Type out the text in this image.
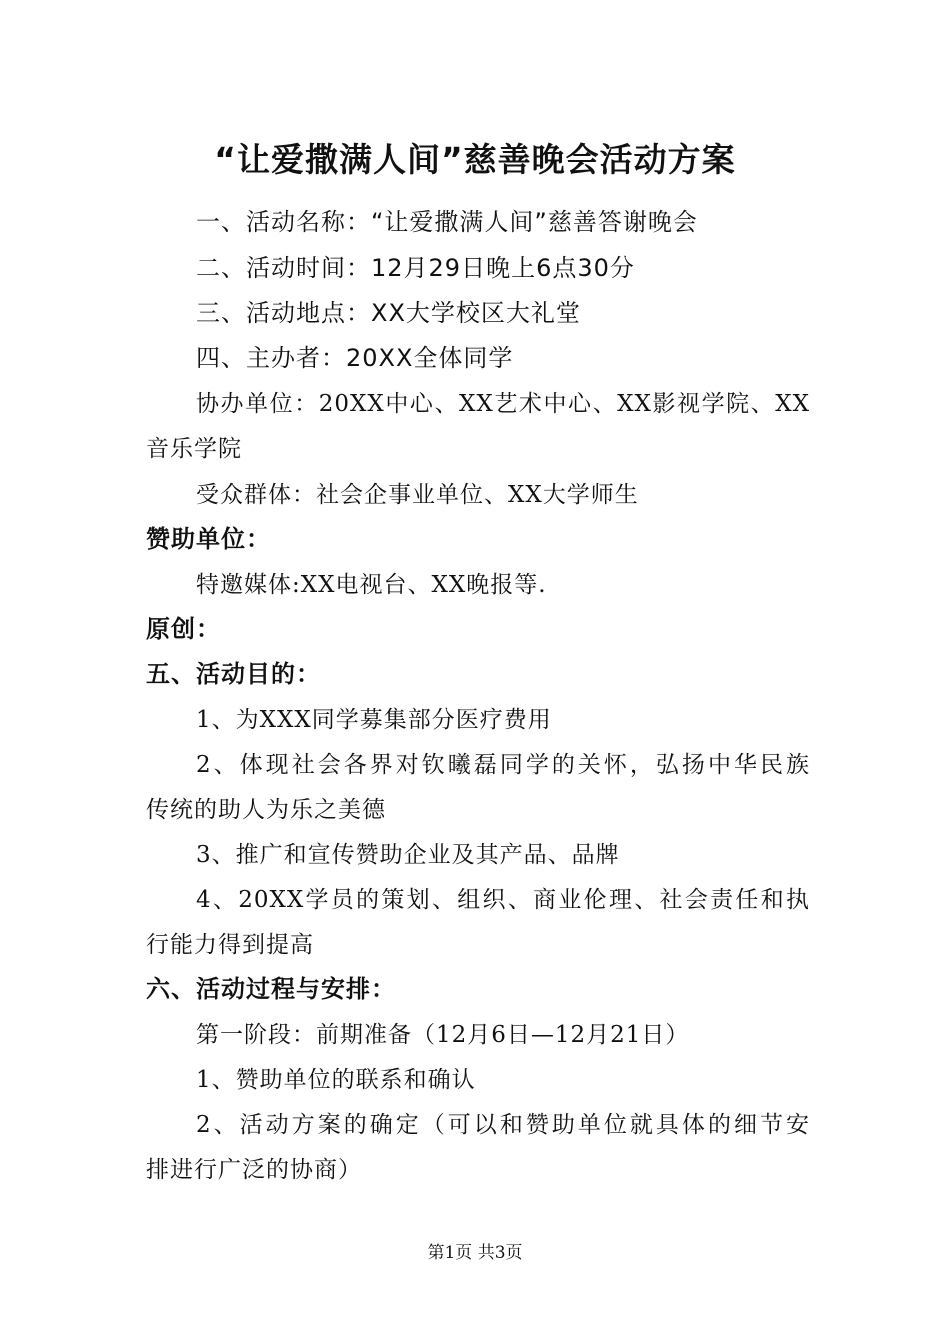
“让爱撒满人间”慈善晚会活动方案
一、活动名称：“让爱撒满人间”慈善答谢晚会
二、活动时间：12月29日晚上6点30分
三、活动地点：XX大学校区大礼堂
四、主办者：20XX全体同学
协办单位：20XX中心、XX艺术中心、XX影视学院、XX
音乐学院
受众群体：社会企事业单位、XX大学师生
赞助单位：
特邀媒体:XX电视台、XX晚报等.
原创：
五、活动目的：
1、为XXX同学募集部分医疗费用
2、体现社会各界对钦曦磊同学的关怀，弘扬中华民族
传统的助人为乐之美德
3、推广和宣传赞助企业及其产品、品牌
4、20XX学员的策划、组织、商业伦理、社会责任和执
行能力得到提高
六、活动过程与安排：
第一阶段：前期准备（12月6日—12月21日）
1、赞助单位的联系和确认
2、活动方案的确定（可以和赞助单位就具体的细节安
排进行广泛的协商）
第1页 共3页
